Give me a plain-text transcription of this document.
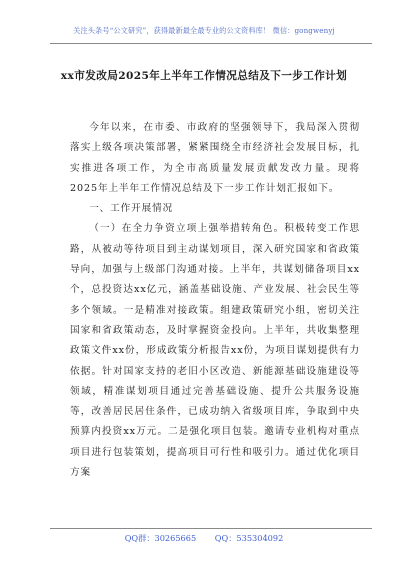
关注头条号“公文研究”，获得最新最全最专业的公文资料库！ 微信：gongwenyj
xx市发改局2025年上半年工作情况总结及下一步工作计划

今年以来，在市委、市政府的坚强领导下，我局深入贯彻落实上级各项决策部署，紧紧围绕全市经济社会发展目标，扎实推进各项工作，为全市高质量发展贡献发改力量。现将2025年上半年工作情况总结及下一步工作计划汇报如下。

一、工作开展情况

（一）在全力争资立项上强举措转角色。积极转变工作思路，从被动等待项目到主动谋划项目，深入研究国家和省政策导向，加强与上级部门沟通对接。上半年，共谋划储备项目xx个，总投资达xx亿元，涵盖基础设施、产业发展、社会民生等多个领域。一是精准对接政策。组建政策研究小组，密切关注国家和省政策动态，及时掌握资金投向。上半年，共收集整理政策文件xx份，形成政策分析报告xx份，为项目谋划提供有力依据。针对国家支持的老旧小区改造、新能源基础设施建设等领域，精准谋划项目通过完善基础设施、提升公共服务设施等，改善居民居住条件，已成功纳入省级项目库，争取到中央预算内投资xx万元。二是强化项目包装。邀请专业机构对重点项目进行包装策划，提高项目可行性和吸引力。通过优化项目方案

QQ群：30265665 QQ：535304092
